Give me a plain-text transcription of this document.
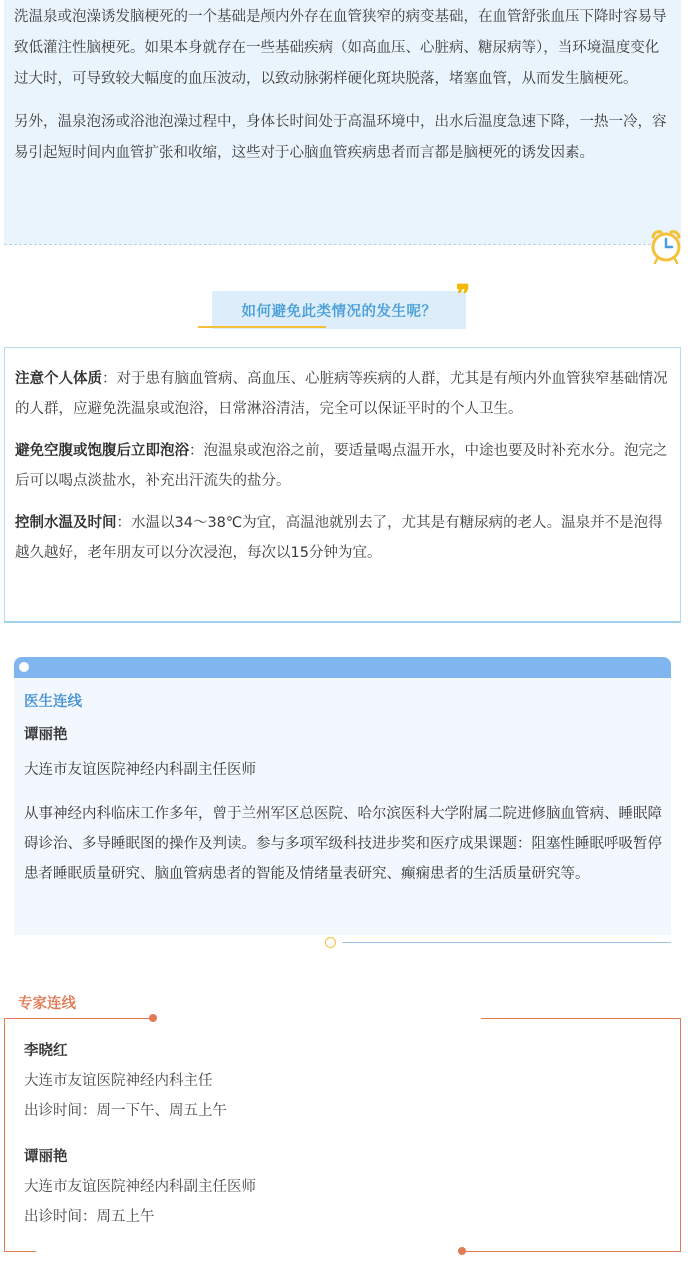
洗温泉或泡澡诱发脑梗死的一个基础是颅内外存在血管狭窄的病变基础，在血管舒张血压下降时容易导致低灌注性脑梗死。如果本身就存在一些基础疾病（如高血压、心脏病、糖尿病等），当环境温度变化过大时，可导致较大幅度的血压波动，以致动脉粥样硬化斑块脱落，堵塞血管，从而发生脑梗死。

另外，温泉泡汤或浴池泡澡过程中，身体长时间处于高温环境中，出水后温度急速下降，一热一冷，容易引起短时间内血管扩张和收缩，这些对于心脑血管疾病患者而言都是脑梗死的诱发因素。

如何避免此类情况的发生呢？
❞

注意个人体质：对于患有脑血管病、高血压、心脏病等疾病的人群，尤其是有颅内外血管狭窄基础情况的人群，应避免洗温泉或泡浴，日常淋浴清洁，完全可以保证平时的个人卫生。

避免空腹或饱腹后立即泡浴：泡温泉或泡浴之前，要适量喝点温开水，中途也要及时补充水分。泡完之后可以喝点淡盐水，补充出汗流失的盐分。

控制水温及时间：水温以34～38℃为宜，高温池就别去了，尤其是有糖尿病的老人。温泉并不是泡得越久越好，老年朋友可以分次浸泡，每次以15分钟为宜。

医生连线

谭丽艳

大连市友谊医院神经内科副主任医师

从事神经内科临床工作多年，曾于兰州军区总医院、哈尔滨医科大学附属二院进修脑血管病、睡眠障碍诊治、多导睡眠图的操作及判读。参与多项军级科技进步奖和医疗成果课题：阻塞性睡眠呼吸暂停患者睡眠质量研究、脑血管病患者的智能及情绪量表研究、癫痫患者的生活质量研究等。

专家连线

李晓红

大连市友谊医院神经内科主任

出诊时间：周一下午、周五上午

谭丽艳

大连市友谊医院神经内科副主任医师

出诊时间：周五上午
